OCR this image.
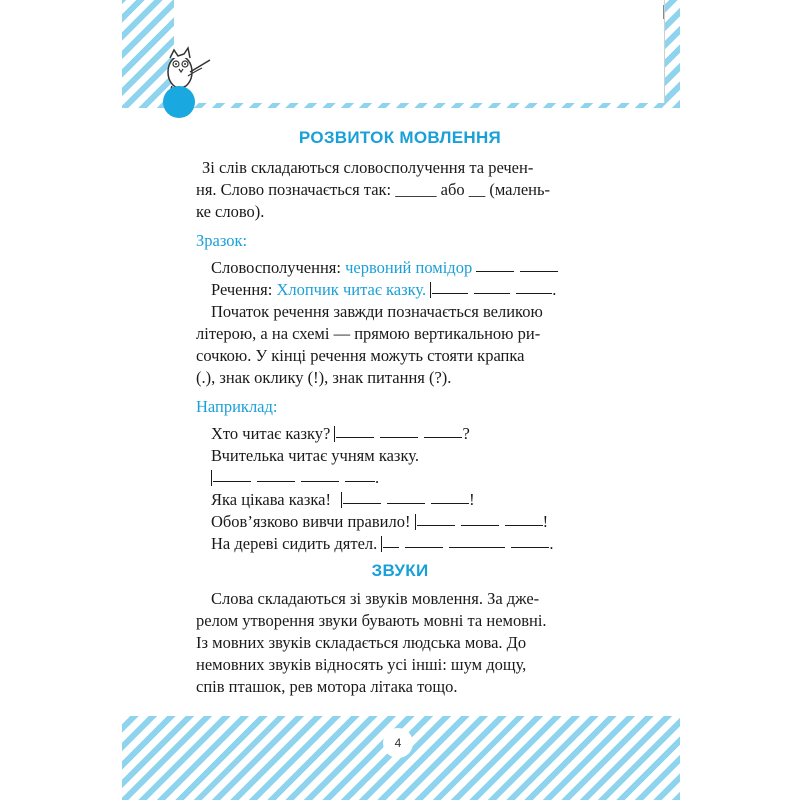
РОЗВИТОК МОВЛЕННЯ
Зі слів складаються словосполучення та речен-
ня. Слово позначається так: _____ або __ (малень-
ке слово).
Зразок:
Словосполучення: червоний помідор
Речення: Хлопчик читає казку.	.
Початок речення завжди позначається великою
літерою, а на схемі — прямою вертикальною ри-
сочкою. У кінці речення можуть стояти крапка
(.), знак оклику (!), знак питання (?).
Наприклад:
Хто читає казку?	?
Вчителька читає учням казку.
.
Яка цікава казка!	!
Обов’язково вивчи правило!	!
На дереві сидить дятел.	.
ЗВУКИ
Слова складаються зі звуків мовлення. За дже-
релом утворення звуки бувають мовні та немовні.
Із мовних звуків складається людська мова. До
немовних звуків відносять усі інші: шум дощу,
спів пташок, рев мотора літака тощо.
4
